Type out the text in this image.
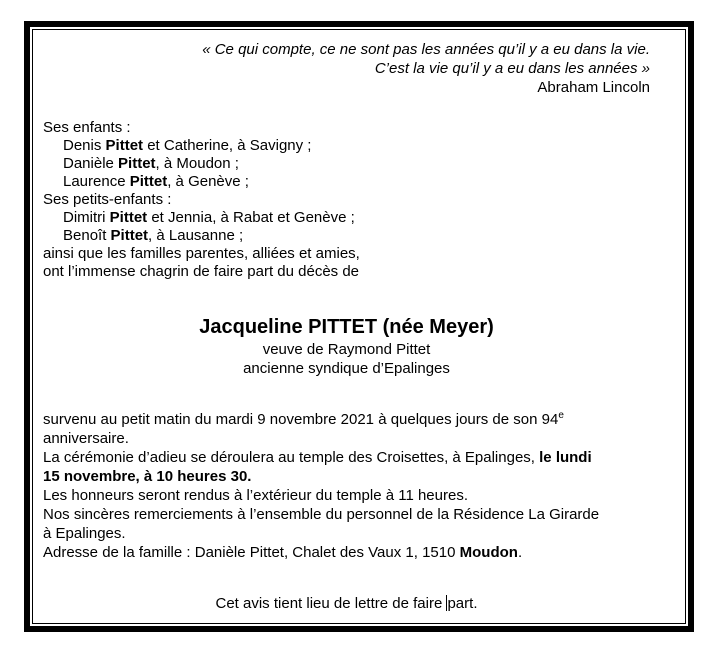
« Ce qui compte, ce ne sont pas les années qu’il y a eu dans la vie.
C’est la vie qu’il y a eu dans les années »
Abraham Lincoln
Ses enfants :
Denis Pittet et Catherine, à Savigny ;
Danièle Pittet, à Moudon ;
Laurence Pittet, à Genève ;
Ses petits-enfants :
Dimitri Pittet et Jennia, à Rabat et Genève ;
Benoît Pittet, à Lausanne ;
ainsi que les familles parentes, alliées et amies,
ont l’immense chagrin de faire part du décès de
Jacqueline PITTET (née Meyer)
veuve de Raymond Pittet
ancienne syndique d’Epalinges
survenu au petit matin du mardi 9 novembre 2021 à quelques jours de son 94e
anniversaire.
La cérémonie d’adieu se déroulera au temple des Croisettes, à Epalinges, le lundi
15 novembre, à 10 heures 30.
Les honneurs seront rendus à l’extérieur du temple à 11 heures.
Nos sincères remerciements à l’ensemble du personnel de la Résidence La Girarde
à Epalinges.
Adresse de la famille : Danièle Pittet, Chalet des Vaux 1, 1510 Moudon.
Cet avis tient lieu de lettre de faire part.
